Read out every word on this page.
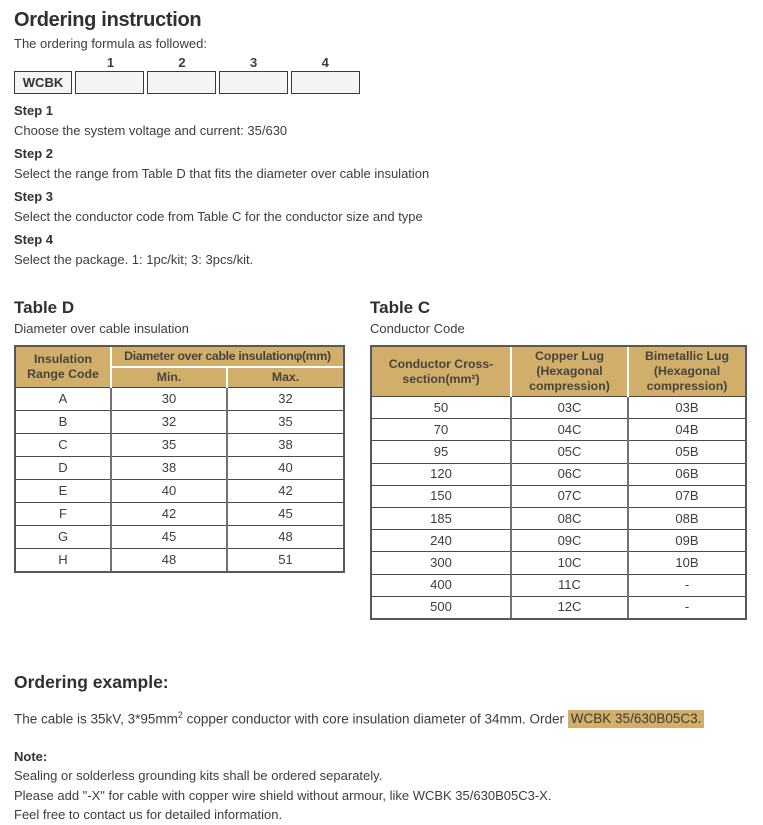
Ordering instruction

The ordering formula as followed:

1	2	3	4
WCBK
Step 1
Choose the system voltage and current: 35/630
Step 2
Select the range from Table D that fits the diameter over cable insulation
Step 3
Select the conductor code from Table C for the conductor size and type
Step 4
Select the package. 1: 1pc/kit; 3: 3pcs/kit.
Table D

Diameter over cable insulation

Insulation Range Code	Diameter over cable insulationφ(mm)	
	Min.	Max.
A	30	32
B	32	35
C	35	38
D	38	40
E	40	42
F	42	45
G	45	48
H	48	51
Table C

Conductor Code

Conductor Cross-section(mm²)	Copper Lug (Hexagonal compression)	Bimetallic Lug (Hexagonal compression)
50	03C	03B
70	04C	04B
95	05C	05B
120	06C	06B
150	07C	07B
185	08C	08B
240	09C	09B
300	10C	10B
400	11C	-
500	12C	-
Ordering example:

The cable is 35kV, $3*95mm^2$ copper conductor with core insulation diameter of 34mm. Order WCBK 35/630B05C3.

Note:
Sealing or solderless grounding kits shall be ordered separately.
Please add "-X" for cable with copper wire shield without armour, like WCBK 35/630B05C3-X.
Feel free to contact us for detailed information.
